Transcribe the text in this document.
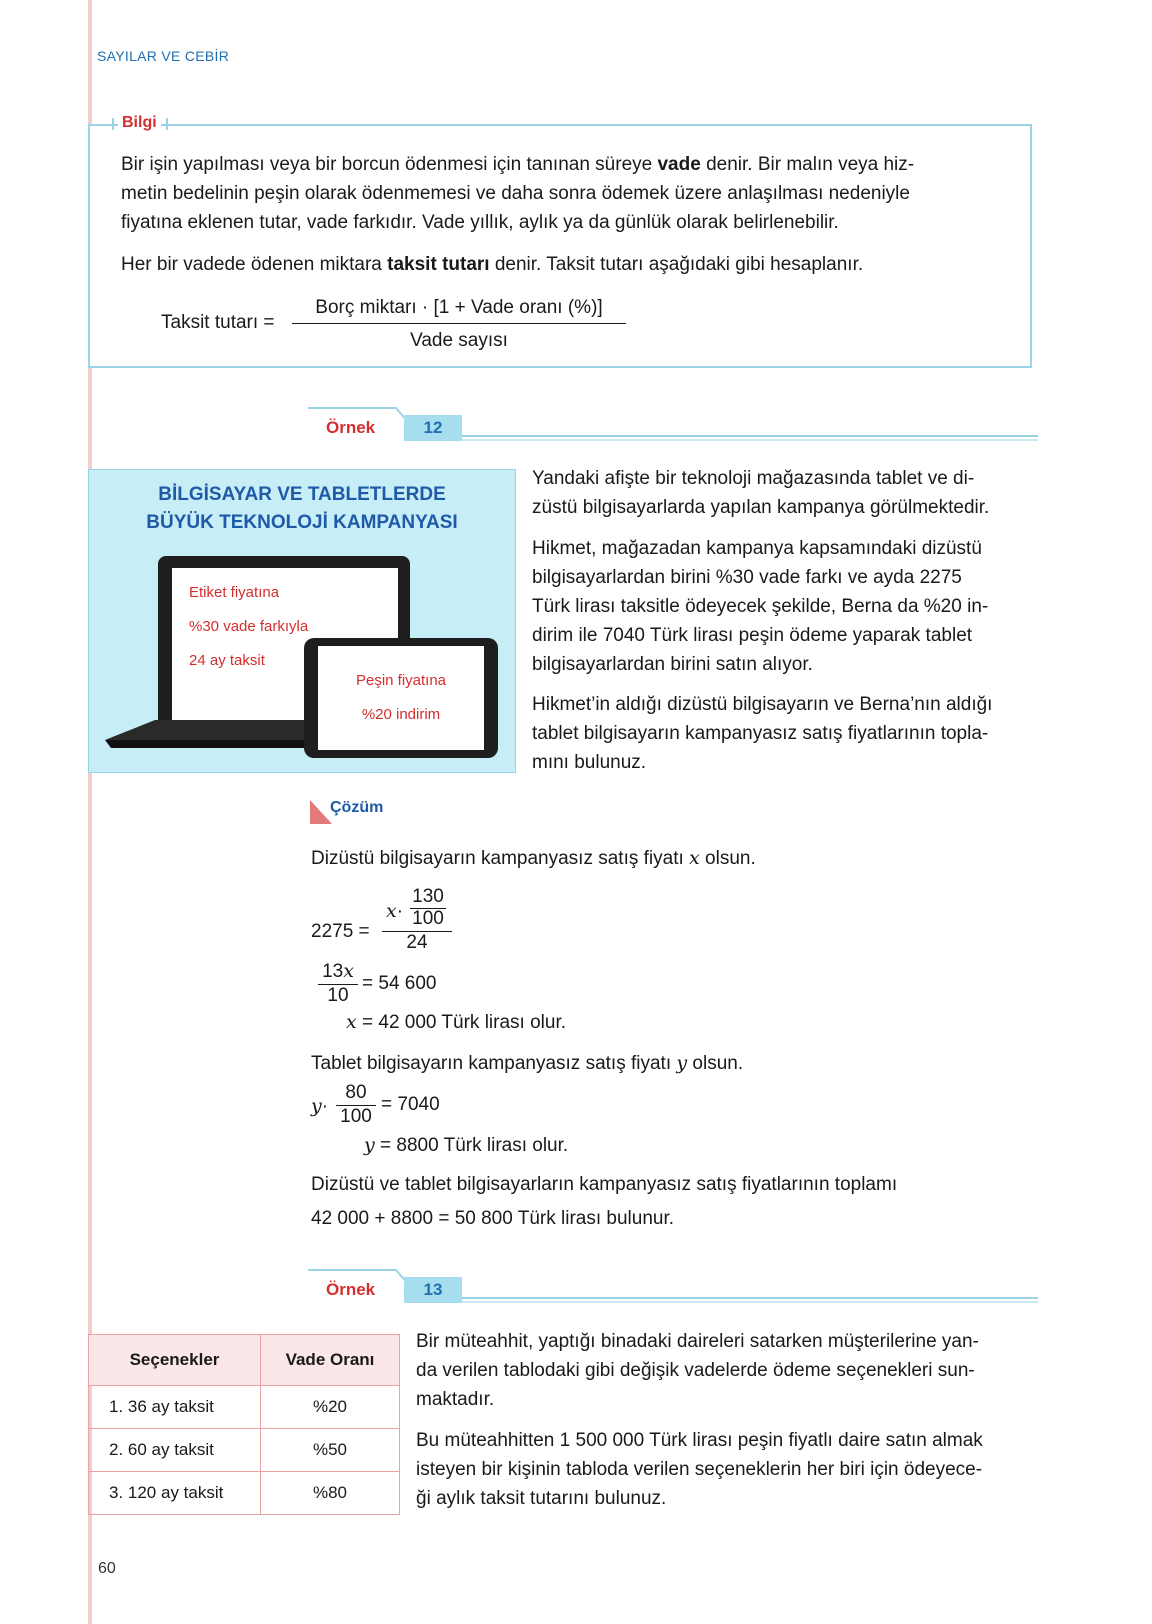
SAYILAR VE CEBİR
Bilgi
Bir işin yapılması veya bir borcun ödenmesi için tanınan süreye vade denir. Bir malın veya hiz-
metin bedelinin peşin olarak ödenmemesi ve daha sonra ödemek üzere anlaşılması nedeniyle
fiyatına eklenen tutar, vade farkıdır. Vade yıllık, aylık ya da günlük olarak belirlenebilir.
Her bir vadede ödenen miktara taksit tutarı denir. Taksit tutarı aşağıdaki gibi hesaplanır.
Taksit tutarı =
Borç miktarı · [1 + Vade oranı (%)]
Vade sayısı
Örnek	12
BİLGİSAYAR VE TABLETLERDE
BÜYÜK TEKNOLOJİ KAMPANYASI
Etiket fiyatına
%30 vade farkıyla
24 ay taksit
Peşin fiyatına
%20 indirim
Yandaki afişte bir teknoloji mağazasında tablet ve di-
züstü bilgisayarlarda yapılan kampanya görülmektedir.
Hikmet, mağazadan kampanya kapsamındaki dizüstü
bilgisayarlardan birini %30 vade farkı ve ayda 2275
Türk lirası taksitle ödeyecek şekilde, Berna da %20 in-
dirim ile 7040 Türk lirası peşin ödeme yaparak tablet
bilgisayarlardan birini satın alıyor.
Hikmet’in aldığı dizüstü bilgisayarın ve Berna’nın aldığı
tablet bilgisayarın kampanyasız satış fiyatlarının topla-
mını bulunuz.
Çözüm
Dizüstü bilgisayarın kampanyasız satış fiyatı x olsun.
2275 =
x·
130
100
24
13x
10
= 54 600
x = 42 000 Türk lirası olur.
Tablet bilgisayarın kampanyasız satış fiyatı y olsun.
y·
80
100
= 7040
y = 8800 Türk lirası olur.
Dizüstü ve tablet bilgisayarların kampanyasız satış fiyatlarının toplamı
42 000 + 8800 = 50 800 Türk lirası bulunur.
Örnek	13
Seçenekler	Vade Oranı
1. 36 ay taksit	%20
2. 60 ay taksit	%50
3. 120 ay taksit	%80
Bir müteahhit, yaptığı binadaki daireleri satarken müşterilerine yan-
da verilen tablodaki gibi değişik vadelerde ödeme seçenekleri sun-
maktadır.
Bu müteahhitten 1 500 000 Türk lirası peşin fiyatlı daire satın almak
isteyen bir kişinin tabloda verilen seçeneklerin her biri için ödeyece-
ği aylık taksit tutarını bulunuz.
60
